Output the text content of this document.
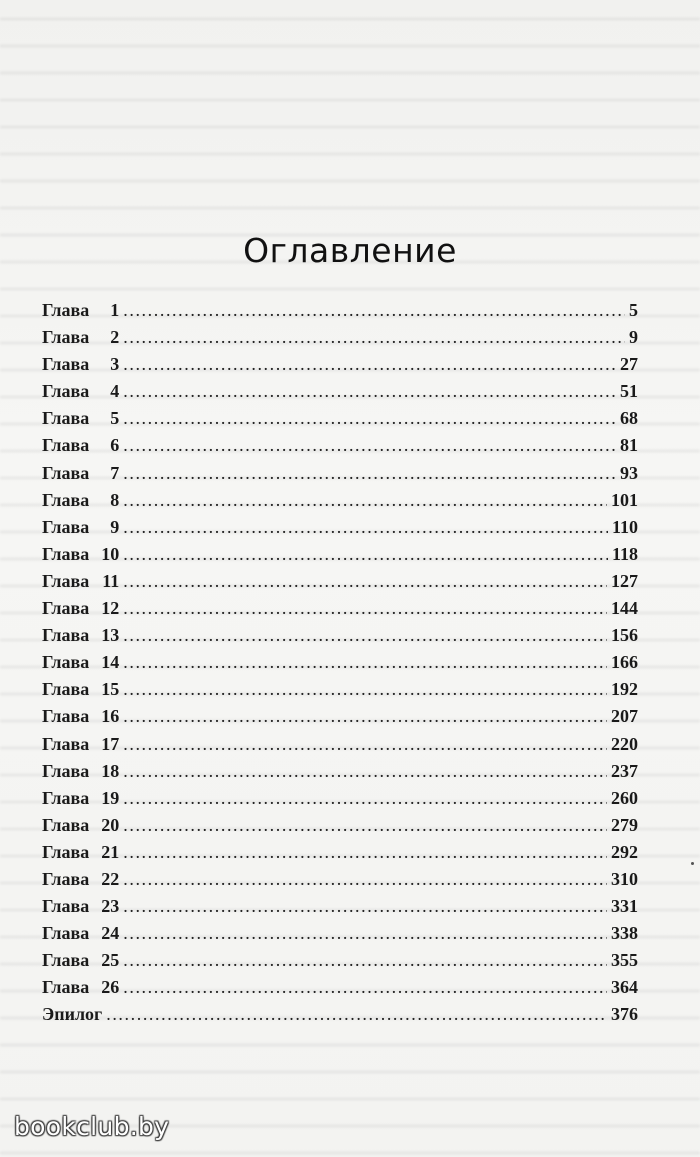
Оглавление
Глава 1 .....	5
Глава 2 .....	9
Глава 3 .....	27
Глава 4 .....	51
Глава 5 .....	68
Глава 6 .....	81
Глава 7 .....	93
Глава 8 .....	101
Глава 9 .....	110
Глава 10 .....	118
Глава 11 .....	127
Глава 12 .....	144
Глава 13 .....	156
Глава 14 .....	166
Глава 15 .....	192
Глава 16 .....	207
Глава 17 .....	220
Глава 18 .....	237
Глава 19 .....	260
Глава 20 .....	279
Глава 21 .....	292
Глава 22 .....	310
Глава 23 .....	331
Глава 24 .....	338
Глава 25 .....	355
Глава 26 .....	364
Эпилог .....	376
bookclub.by
